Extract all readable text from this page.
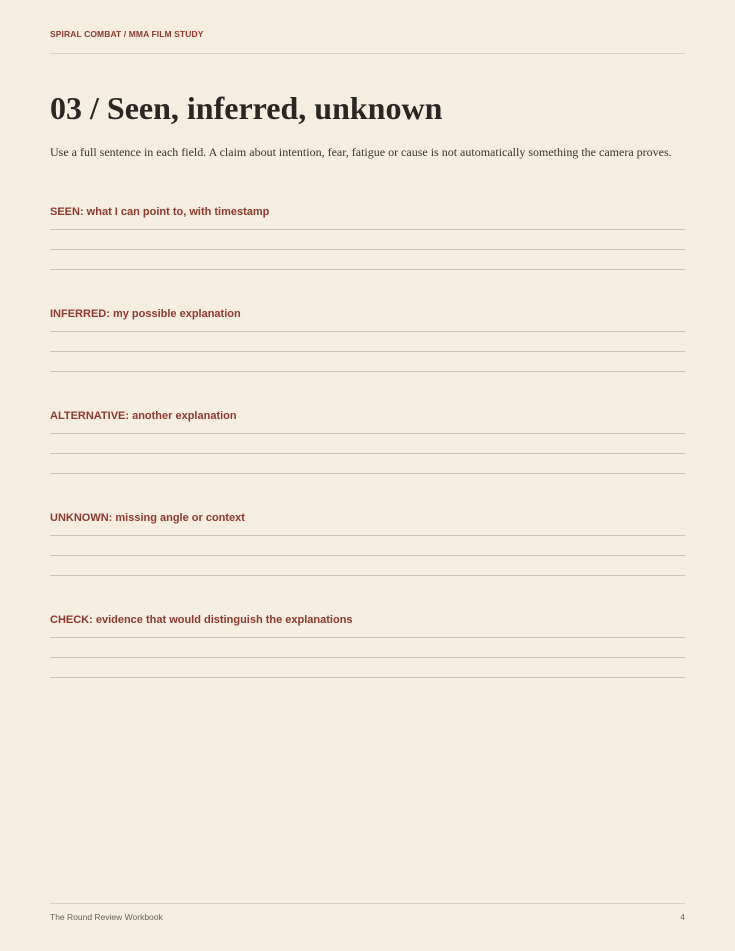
SPIRAL COMBAT / MMA FILM STUDY
03 / Seen, inferred, unknown

Use a full sentence in each field. A claim about intention, fear, fatigue or cause is not automatically something the camera proves.

SEEN: what I can point to, with timestamp
INFERRED: my possible explanation
ALTERNATIVE: another explanation
UNKNOWN: missing angle or context
CHECK: evidence that would distinguish the explanations
The Round Review Workbook	4
